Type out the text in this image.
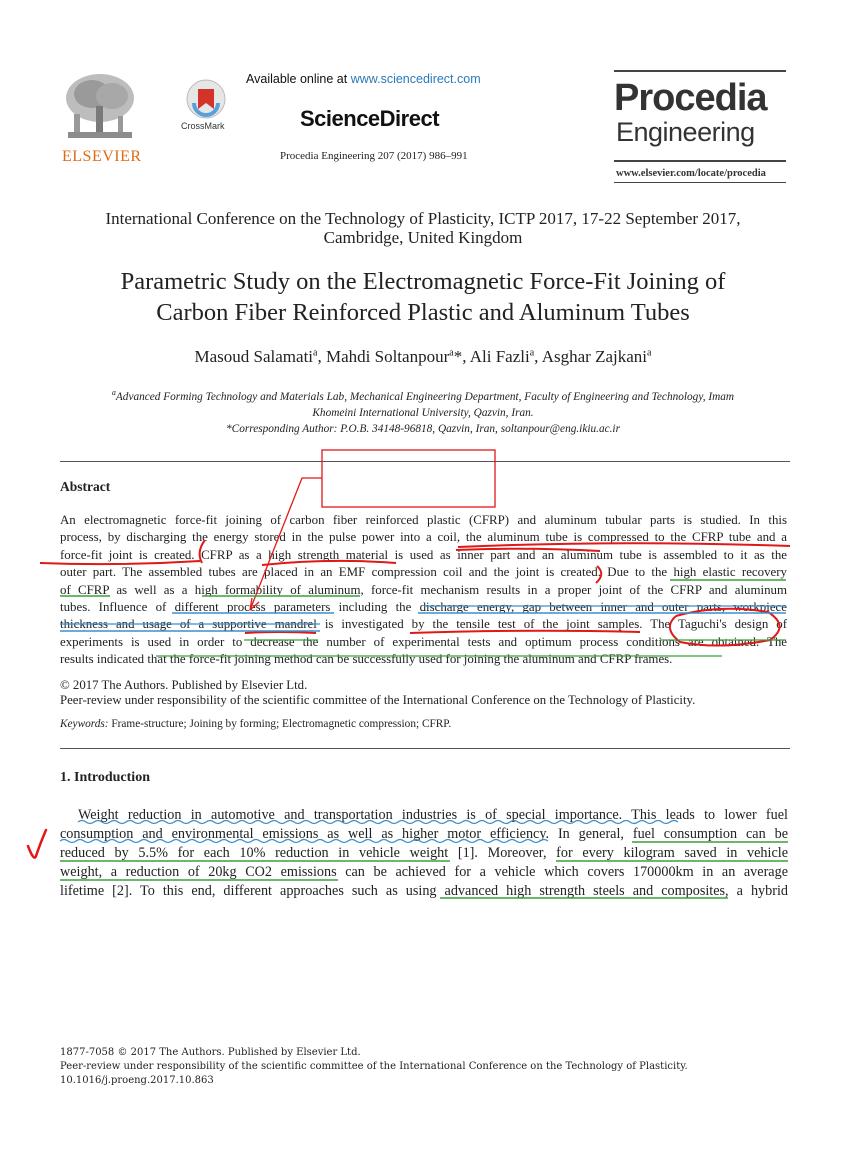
ELSEVIER
CrossMark
Available online at www.sciencedirect.com
ScienceDirect
Procedia Engineering 207 (2017) 986–991
Procedia
Engineering
www.elsevier.com/locate/procedia
International Conference on the Technology of Plasticity, ICTP 2017, 17-22 September 2017,
Cambridge, United Kingdom
Parametric Study on the Electromagnetic Force-Fit Joining of
Carbon Fiber Reinforced Plastic and Aluminum Tubes
Masoud Salamati$^a$, Mahdi Soltanpour$^a$*, Ali Fazli$^a$, Asghar Zajkani$^a$
$^a$Advanced Forming Technology and Materials Lab, Mechanical Engineering Department, Faculty of Engineering and Technology, Imam
Khomeini International University, Qazvin, Iran.
*Corresponding Author: P.O.B. 34148-96818, Qazvin, Iran, soltanpour@eng.ikiu.ac.ir
Abstract
An electromagnetic force-fit joining of carbon fiber reinforced plastic (CFRP) and aluminum tubular parts is studied. In this
process, by discharging the energy stored in the pulse power into a coil, the aluminum tube is compressed to the CFRP tube and a
force-fit joint is created. CFRP as a high strength material is used as inner part and an aluminum tube is assembled to it as the
outer part. The assembled tubes are placed in an EMF compression coil and the joint is created. Due to the high elastic recovery
of CFRP as well as a high formability of aluminum, force-fit mechanism results in a proper joint of the CFRP and aluminum
tubes. Influence of different process parameters including the discharge energy, gap between inner and outer parts, workpiece
thickness and usage of a supportive mandrel is investigated by the tensile test of the joint samples. The Taguchi's design of
experiments is used in order to decrease the number of experimental tests and optimum process conditions are obtained. The
results indicated that the force-fit joining method can be successfully used for joining the aluminum and CFRP frames.
© 2017 The Authors. Published by Elsevier Ltd.
Peer-review under responsibility of the scientific committee of the International Conference on the Technology of Plasticity.
Keywords: Frame-structure; Joining by forming; Electromagnetic compression; CFRP.
1. Introduction
Weight reduction in automotive and transportation industries is of special importance. This leads to lower fuel
consumption and environmental emissions as well as higher motor efficiency. In general, fuel consumption can be
reduced by 5.5% for each 10% reduction in vehicle weight [1]. Moreover, for every kilogram saved in vehicle
weight, a reduction of 20kg CO2 emissions can be achieved for a vehicle which covers 170000km in an average
lifetime [2]. To this end, different approaches such as using advanced high strength steels and composites, a hybrid
1877-7058 © 2017 The Authors. Published by Elsevier Ltd.
Peer-review under responsibility of the scientific committee of the International Conference on the Technology of Plasticity.
10.1016/j.proeng.2017.10.863
